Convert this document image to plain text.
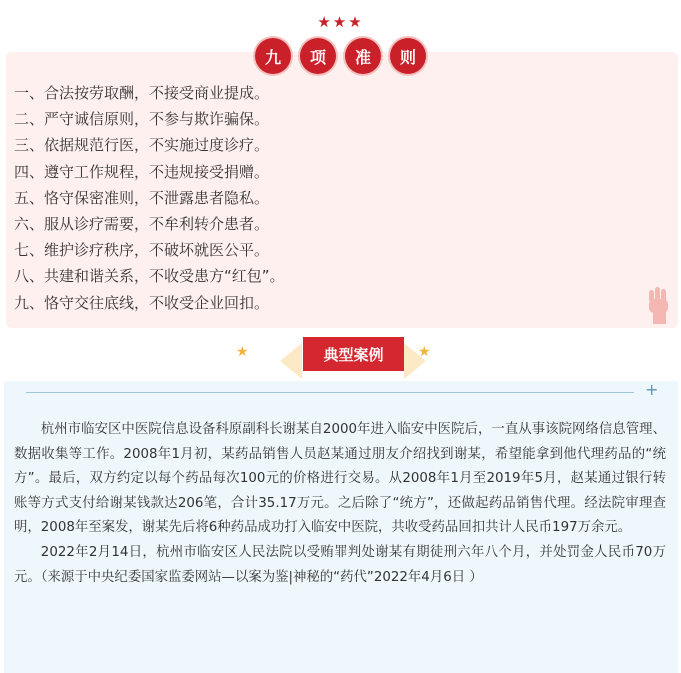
★★★
九	项	准	则
一、合法按劳取酬，不接受商业提成。
二、严守诚信原则，不参与欺诈骗保。
三、依据规范行医，不实施过度诊疗。
四、遵守工作规程，不违规接受捐赠。
五、恪守保密准则，不泄露患者隐私。
六、服从诊疗需要，不牟利转介患者。
七、维护诊疗秩序，不破坏就医公平。
八、共建和谐关系，不收受患方“红包”。
九、恪守交往底线，不收受企业回扣。
★	典型案例	★
+

杭州市临安区中医院信息设备科原副科长谢某自2000年进入临安中医院后，一直从事该院网络信息管理、数据收集等工作。2008年1月初，某药品销售人员赵某通过朋友介绍找到谢某，希望能拿到他代理药品的“统方”。最后，双方约定以每个药品每次100元的价格进行交易。从2008年1月至2019年5月，赵某通过银行转账等方式支付给谢某钱款达206笔，合计35.17万元。之后除了“统方”，还做起药品销售代理。经法院审理查明，2008年至案发，谢某先后将6种药品成功打入临安中医院，共收受药品回扣共计人民币197万余元。

2022年2月14日，杭州市临安区人民法院以受贿罪判处谢某有期徒刑六年八个月，并处罚金人民币70万元。（来源于中央纪委国家监委网站—以案为鉴|神秘的“药代”2022年4月6日 ）
